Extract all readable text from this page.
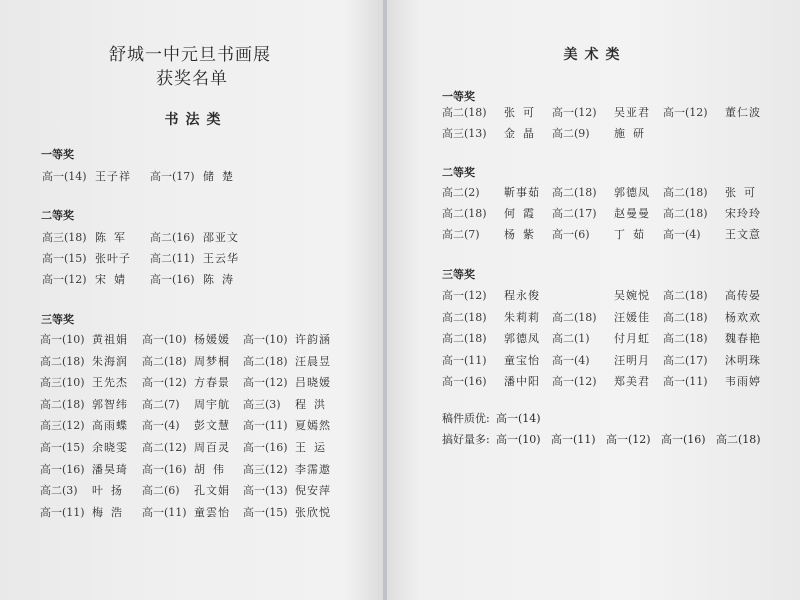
舒城一中元旦书画展
获奖名单
书法类
一等奖
高一(14) 王子祥 高一(17) 储楚
二等奖
高三(18) 陈军 高二(16) 邵亚文
高一(15) 张叶子 高二(11) 王云华
高一(12) 宋婧 高一(16) 陈涛
三等奖
高一(10) 黄祖娟 高一(10) 杨媛媛 高一(10) 许韵涵
高二(18) 朱海润 高二(18) 周梦桐 高二(18) 汪晨昱
高三(10) 王先杰 高一(12) 方春景 高一(12) 吕晓媛
高二(18) 郭智纬 高二(7) 周宇航 高三(3) 程洪
高三(12) 高雨蝶 高一(4) 彭文慧 高一(11) 夏嫣然
高一(15) 余晓雯 高二(12) 周百灵 高一(16) 王运
高一(16) 潘昊琦 高一(16) 胡伟 高三(12) 李霈遨
高二(3) 叶扬 高二(6) 孔文娟 高一(13) 倪安萍
高一(11) 梅浩 高一(11) 童雲怡 高一(15) 张欣悦
美术类
一等奖
高二(18) 张可 高一(12) 吴亚君 高一(12) 董仁波
高三(13) 金晶 高二(9) 施研
二等奖
高二(2) 靳事茹 高二(18) 郭德凤 高二(18) 张可
高二(18) 何霞 高二(17) 赵曼曼 高二(18) 宋玲玲
高二(7) 杨紫 高一(6) 丁茹 高一(4) 王文意
三等奖
高一(12) 程永俊	吴婉悦 高二(18) 高传晏
高二(18) 朱莉莉 高二(18) 汪媛佳 高二(18) 杨欢欢
高二(18) 郭德凤 高二(1) 付月虹 高二(18) 魏春艳
高一(11) 童宝怡 高一(4) 汪明月 高二(17) 沐明珠
高一(16) 潘中阳 高一(12) 郑美君 高一(11) 韦雨婷
稿件质优: 高一(14)
搞好量多: 高一(10) 高一(11) 高一(12) 高一(16) 高二(18)
